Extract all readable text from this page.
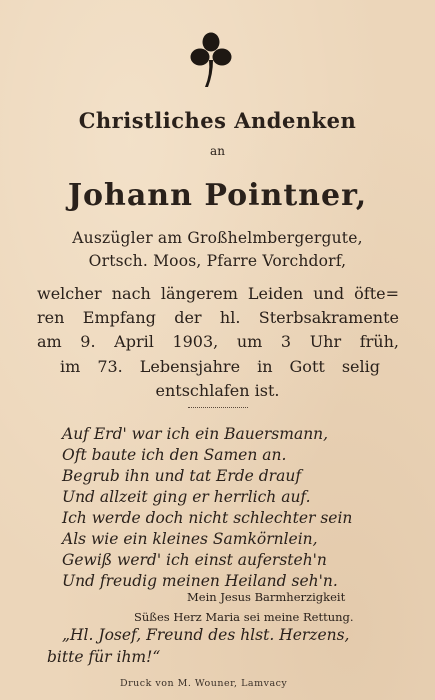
Christliches Andenken
an
Johann Pointner,
Auszügler am Großhelmbergergute,
Ortsch. Moos, Pfarre Vorchdorf,
welcher nach längerem Leiden und öfte=
ren Empfang der hl. Sterbsakramente
am 9. April 1903, um 3 Uhr früh,
im 73. Lebensjahre in Gott selig
entschlafen ist.
Auf Erd' war ich ein Bauersmann,
Oft baute ich den Samen an.
Begrub ihn und tat Erde drauf
Und allzeit ging er herrlich auf.
Ich werde doch nicht schlechter sein
Als wie ein kleines Samkörnlein,
Gewiß werd' ich einst aufersteh'n
Und freudig meinen Heiland seh'n.
Mein Jesus Barmherzigkeit
Süßes Herz Maria sei meine Rettung.
„Hl. Josef, Freund des hlst. Herzens,
bitte für ihm!“
Druck von M. Wouner, Lamvacy
